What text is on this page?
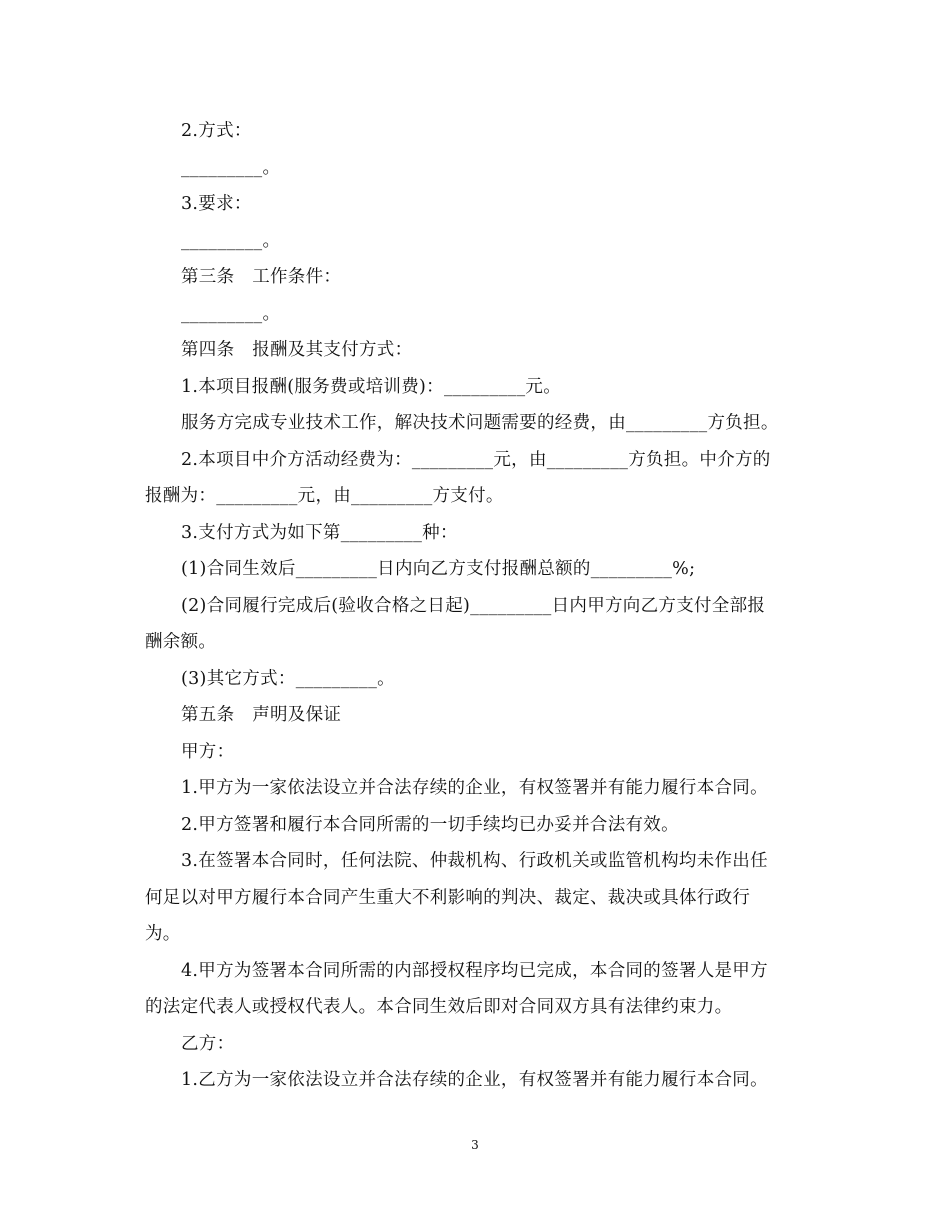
2.方式：
_________。
3.要求：
_________。
第三条　工作条件：
_________。
第四条　报酬及其支付方式：
1.本项目报酬(服务费或培训费)：_________元。
服务方完成专业技术工作，解决技术问题需要的经费，由_________方负担。
2.本项目中介方活动经费为：_________元，由_________方负担。中介方的
报酬为：_________元，由_________方支付。
3.支付方式为如下第_________种：
(1)合同生效后_________日内向乙方支付报酬总额的_________%;
(2)合同履行完成后(验收合格之日起)_________日内甲方向乙方支付全部报
酬余额。
(3)其它方式：_________。
第五条　声明及保证
甲方：
1.甲方为一家依法设立并合法存续的企业，有权签署并有能力履行本合同。
2.甲方签署和履行本合同所需的一切手续均已办妥并合法有效。
3.在签署本合同时，任何法院、仲裁机构、行政机关或监管机构均未作出任
何足以对甲方履行本合同产生重大不利影响的判决、裁定、裁决或具体行政行
为。
4.甲方为签署本合同所需的内部授权程序均已完成，本合同的签署人是甲方
的法定代表人或授权代表人。本合同生效后即对合同双方具有法律约束力。
乙方：
1.乙方为一家依法设立并合法存续的企业，有权签署并有能力履行本合同。
3
